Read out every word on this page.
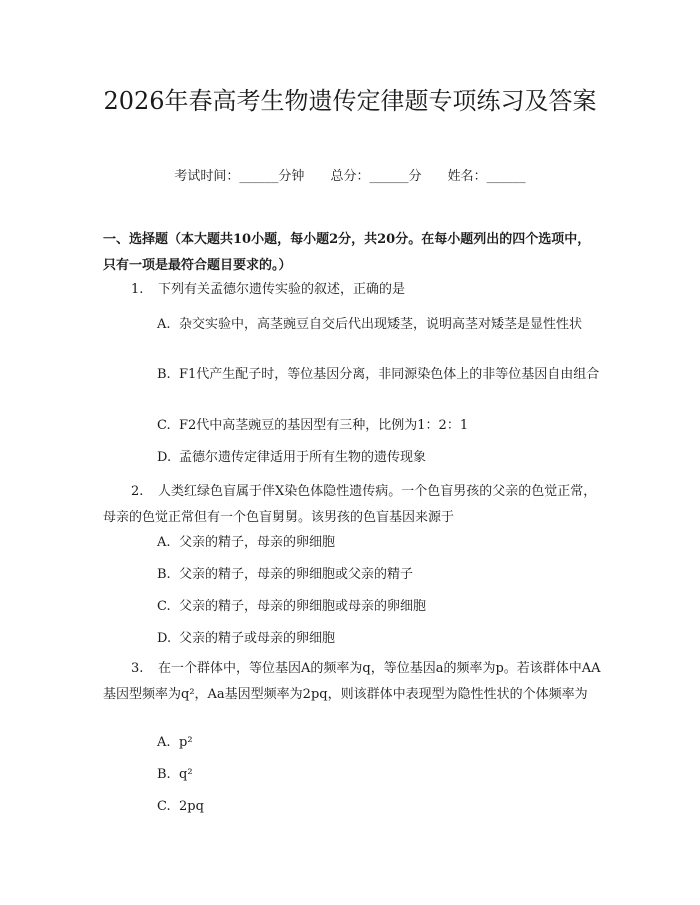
2026年春高考生物遗传定律题专项练习及答案
考试时间：______分钟 总分：______分 姓名：______

一、选择题（本大题共10小题，每小题2分，共20分。在每小题列出的四个选项中，只有一项是最符合题目要求的。）

1. 下列有关孟德尔遗传实验的叙述，正确的是

A. 杂交实验中，高茎豌豆自交后代出现矮茎，说明高茎对矮茎是显性性状

B. F1代产生配子时，等位基因分离，非同源染色体上的非等位基因自由组合

C. F2代中高茎豌豆的基因型有三种，比例为1：2：1

D. 孟德尔遗传定律适用于所有生物的遗传现象

2. 人类红绿色盲属于伴X染色体隐性遗传病。一个色盲男孩的父亲的色觉正常，母亲的色觉正常但有一个色盲舅舅。该男孩的色盲基因来源于

A. 父亲的精子，母亲的卵细胞

B. 父亲的精子，母亲的卵细胞或父亲的精子

C. 父亲的精子，母亲的卵细胞或母亲的卵细胞

D. 父亲的精子或母亲的卵细胞

3. 在一个群体中，等位基因A的频率为q，等位基因a的频率为p。若该群体中AA基因型频率为q²，Aa基因型频率为2pq，则该群体中表现型为隐性性状的个体频率为

A. p²

B. q²

C. 2pq
